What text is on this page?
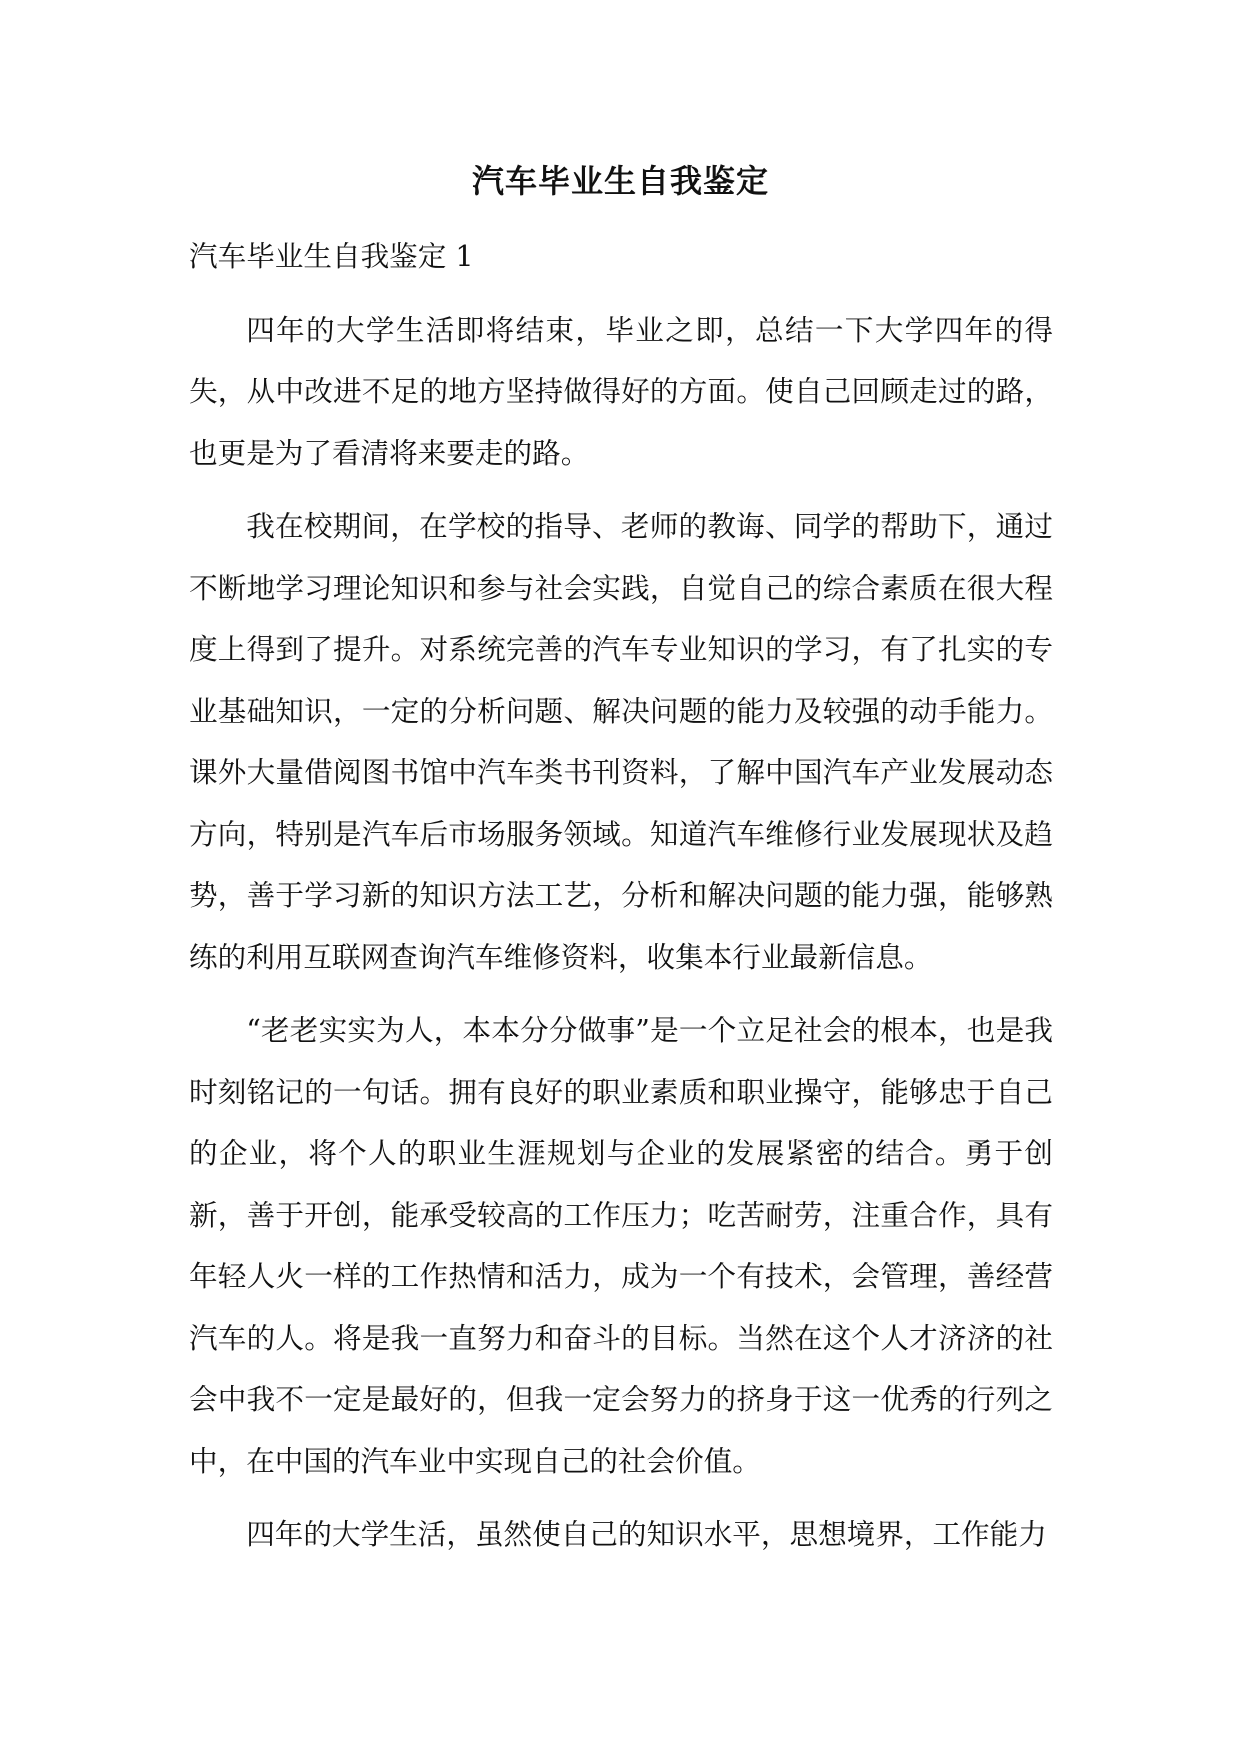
汽车毕业生自我鉴定
汽车毕业生自我鉴定 1

四年的大学生活即将结束，毕业之即，总结一下大学四年的得失，从中改进不足的地方坚持做得好的方面。使自己回顾走过的路，也更是为了看清将来要走的路。

我在校期间，在学校的指导、老师的教诲、同学的帮助下，通过不断地学习理论知识和参与社会实践，自觉自己的综合素质在很大程度上得到了提升。对系统完善的汽车专业知识的学习，有了扎实的专业基础知识，一定的分析问题、解决问题的能力及较强的动手能力。课外大量借阅图书馆中汽车类书刊资料，了解中国汽车产业发展动态方向，特别是汽车后市场服务领域。知道汽车维修行业发展现状及趋势，善于学习新的知识方法工艺，分析和解决问题的能力强，能够熟练的利用互联网查询汽车维修资料，收集本行业最新信息。

“老老实实为人，本本分分做事”是一个立足社会的根本，也是我时刻铭记的一句话。拥有良好的职业素质和职业操守，能够忠于自己的企业，将个人的职业生涯规划与企业的发展紧密的结合。勇于创新，善于开创，能承受较高的工作压力；吃苦耐劳，注重合作，具有年轻人火一样的工作热情和活力，成为一个有技术，会管理，善经营汽车的人。将是我一直努力和奋斗的目标。当然在这个人才济济的社会中我不一定是最好的，但我一定会努力的挤身于这一优秀的行列之中，在中国的汽车业中实现自己的社会价值。

四年的大学生活，虽然使自己的知识水平，思想境界，工作能力
